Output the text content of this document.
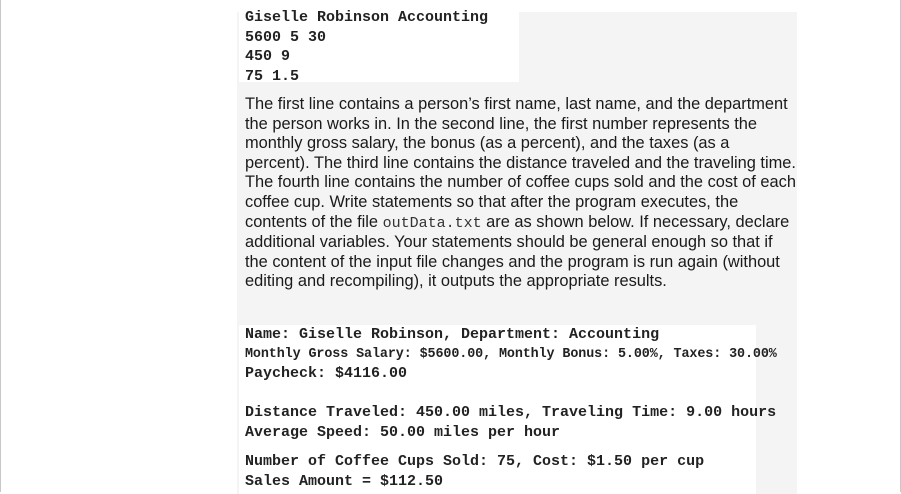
Giselle Robinson Accounting
5600 5 30
450 9
75 1.5
The first line contains a person’s first name, last name, and the department the person works in. In the second line, the first number represents the monthly gross salary, the bonus (as a percent), and the taxes (as a percent). The third line contains the distance traveled and the traveling time. The fourth line contains the number of coffee cups sold and the cost of each coffee cup. Write statements so that after the program executes, the contents of the file outData.txt are as shown below. If necessary, declare additional variables. Your statements should be general enough so that if the content of the input file changes and the program is run again (without editing and recompiling), it outputs the appropriate results.
Name: Giselle Robinson, Department: Accounting
Monthly Gross Salary: $5600.00, Monthly Bonus: 5.00%, Taxes: 30.00%
Paycheck: $4116.00
Distance Traveled: 450.00 miles, Traveling Time: 9.00 hours
Average Speed: 50.00 miles per hour
Number of Coffee Cups Sold: 75, Cost: $1.50 per cup
Sales Amount = $112.50
